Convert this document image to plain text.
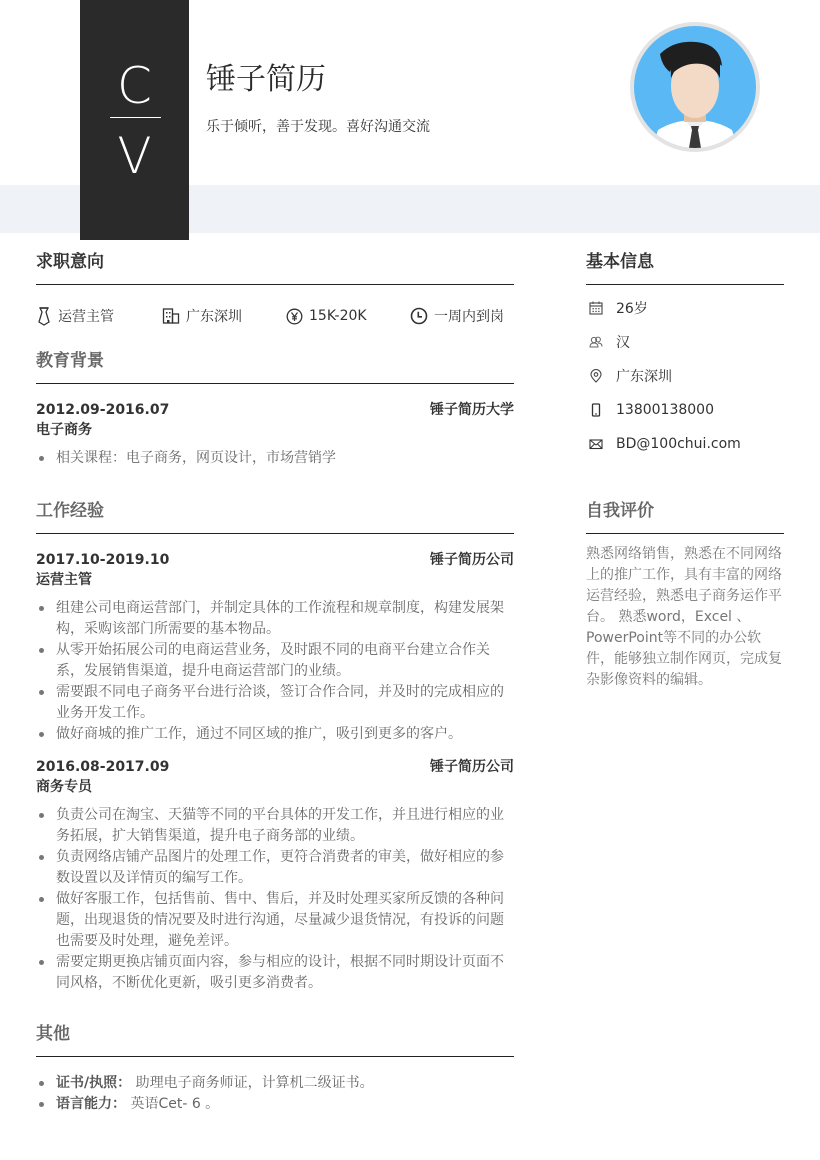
C
V
锤子简历
乐于倾听，善于发现。喜好沟通交流
求职意向
运营主管	广东深圳	15K-20K	一周内到岗
教育背景
2012.09-2016.07	锤子简历大学
电子商务
相关课程：电子商务，网页设计，市场营销学
工作经验
2017.10-2019.10	锤子简历公司
运营主管
组建公司电商运营部门，并制定具体的工作流程和规章制度，构建发展架构，采购该部门所需要的基本物品。
从零开始拓展公司的电商运营业务，及时跟不同的电商平台建立合作关系，发展销售渠道，提升电商运营部门的业绩。
需要跟不同电子商务平台进行洽谈，签订合作合同，并及时的完成相应的业务开发工作。
做好商城的推广工作，通过不同区域的推广，吸引到更多的客户。
2016.08-2017.09	锤子简历公司
商务专员
负责公司在淘宝、天猫等不同的平台具体的开发工作，并且进行相应的业务拓展，扩大销售渠道，提升电子商务部的业绩。
负责网络店铺产品图片的处理工作，更符合消费者的审美，做好相应的参数设置以及详情页的编写工作。
做好客服工作，包括售前、售中、售后，并及时处理买家所反馈的各种问题，出现退货的情况要及时进行沟通，尽量减少退货情况，有投诉的问题也需要及时处理，避免差评。
需要定期更换店铺页面内容，参与相应的设计，根据不同时期设计页面不同风格，不断优化更新，吸引更多消费者。
其他
证书/执照： 助理电子商务师证，计算机二级证书。
语言能力： 英语Cet- 6 。
基本信息
26岁
汉
广东深圳
13800138000
BD@100chui.com
自我评价

熟悉网络销售，熟悉在不同网络上的推广工作，具有丰富的网络运营经验，熟悉电子商务运作平台。 熟悉word，Excel 、PowerPoint等不同的办公软件，能够独立制作网页，完成复杂影像资料的编辑。
